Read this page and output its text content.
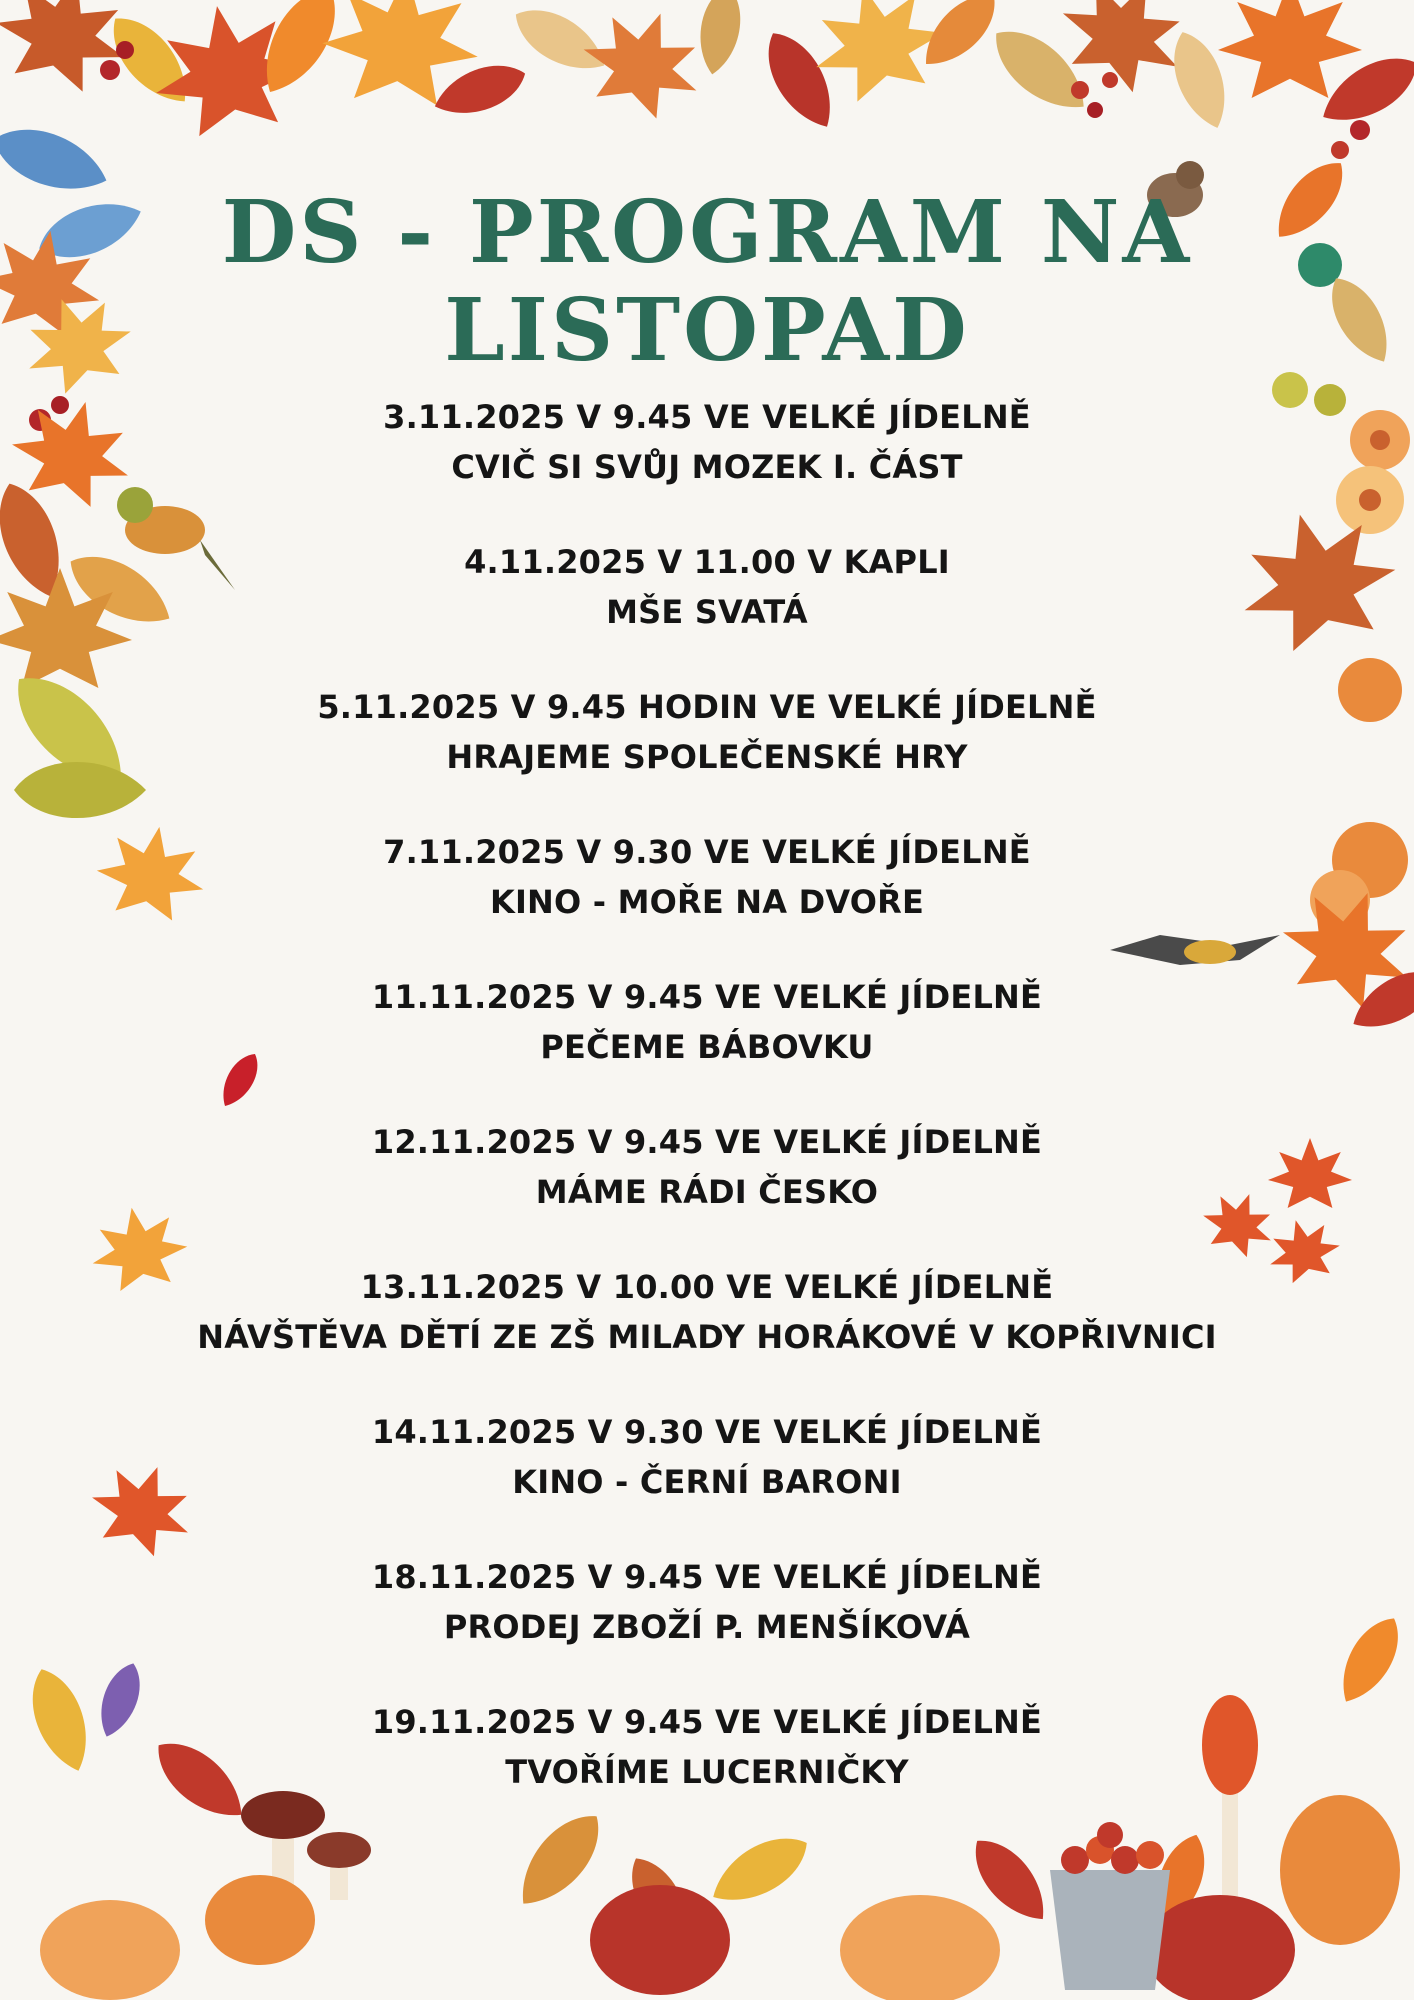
DS - PROGRAM NA
LISTOPAD
3.11.2025 V 9.45 VE VELKÉ JÍDELNĚ
CVIČ SI SVŮJ MOZEK I. ČÁST
4.11.2025 V 11.00 V KAPLI
MŠE SVATÁ
5.11.2025 V 9.45 HODIN VE VELKÉ JÍDELNĚ
HRAJEME SPOLEČENSKÉ HRY
7.11.2025 V 9.30 VE VELKÉ JÍDELNĚ
KINO - MOŘE NA DVOŘE
11.11.2025 V 9.45 VE VELKÉ JÍDELNĚ
PEČEME BÁBOVKU
12.11.2025 V 9.45 VE VELKÉ JÍDELNĚ
MÁME RÁDI ČESKO
13.11.2025 V 10.00 VE VELKÉ JÍDELNĚ
NÁVŠTĚVA DĚTÍ ZE ZŠ MILADY HORÁKOVÉ V KOPŘIVNICI
14.11.2025 V 9.30 VE VELKÉ JÍDELNĚ
KINO - ČERNÍ BARONI
18.11.2025 V 9.45 VE VELKÉ JÍDELNĚ
PRODEJ ZBOŽÍ P. MENŠÍKOVÁ
19.11.2025 V 9.45 VE VELKÉ JÍDELNĚ
TVOŘÍME LUCERNIČKY
